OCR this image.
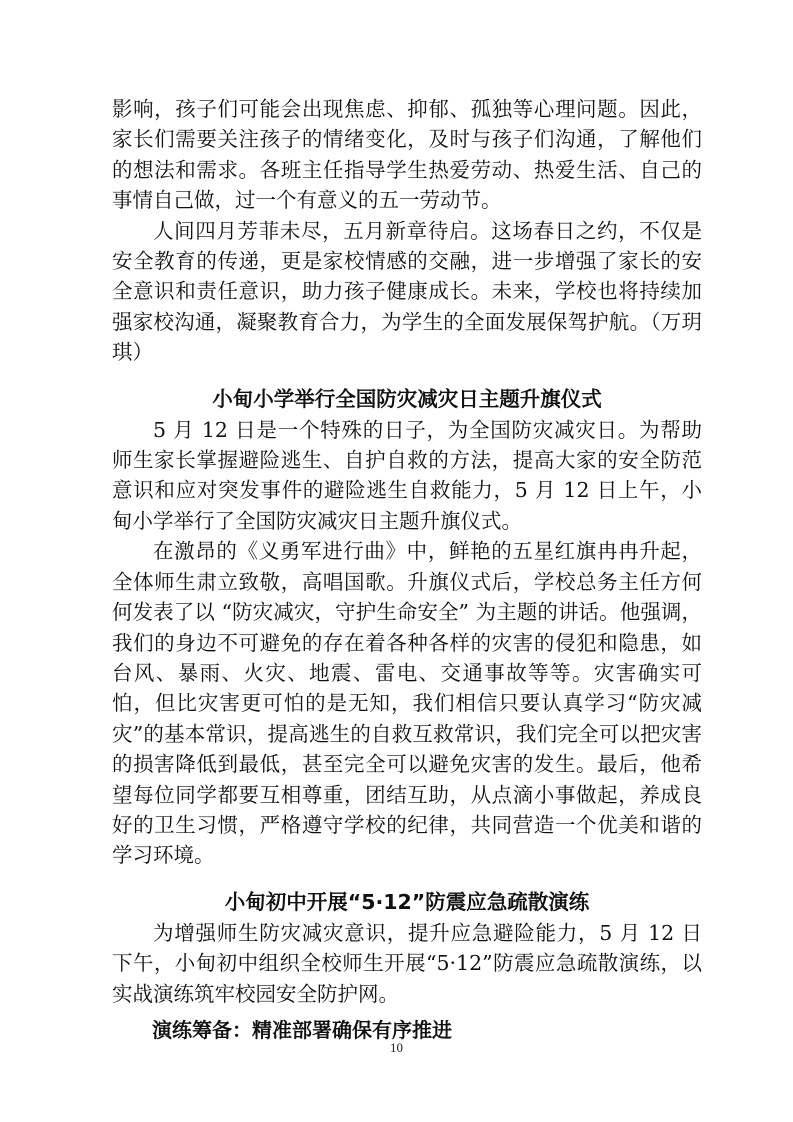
影响，孩子们可能会出现焦虑、抑郁、孤独等心理问题。因此，家长们需要关注孩子的情绪变化，及时与孩子们沟通，了解他们的想法和需求。各班主任指导学生热爱劳动、热爱生活、自己的事情自己做，过一个有意义的五一劳动节。

人间四月芳菲未尽，五月新章待启。这场春日之约，不仅是安全教育的传递，更是家校情感的交融，进一步增强了家长的安全意识和责任意识，助力孩子健康成长。未来，学校也将持续加强家校沟通，凝聚教育合力，为学生的全面发展保驾护航。（万玥琪）

小甸小学举行全国防灾减灾日主题升旗仪式

5 月 12 日是一个特殊的日子，为全国防灾减灾日。为帮助师生家长掌握避险逃生、自护自救的方法，提高大家的安全防范意识和应对突发事件的避险逃生自救能力，5 月 12 日上午，小甸小学举行了全国防灾减灾日主题升旗仪式。

在激昂的《义勇军进行曲》中，鲜艳的五星红旗冉冉升起，全体师生肃立致敬，高唱国歌。升旗仪式后，学校总务主任方何何发表了以 “防灾减灾，守护生命安全” 为主题的讲话。他强调，我们的身边不可避免的存在着各种各样的灾害的侵犯和隐患，如台风、暴雨、火灾、地震、雷电、交通事故等等。灾害确实可怕，但比灾害更可怕的是无知，我们相信只要认真学习“防灾减灾”的基本常识，提高逃生的自救互救常识，我们完全可以把灾害的损害降低到最低，甚至完全可以避免灾害的发生。最后，他希望每位同学都要互相尊重，团结互助，从点滴小事做起，养成良好的卫生习惯，严格遵守学校的纪律，共同营造一个优美和谐的学习环境。

小甸初中开展“5·12”防震应急疏散演练

为增强师生防灾减灾意识，提升应急避险能力，5 月 12 日下午，小甸初中组织全校师生开展“5·12”防震应急疏散演练，以实战演练筑牢校园安全防护网。

演练筹备：精准部署确保有序推进

10
